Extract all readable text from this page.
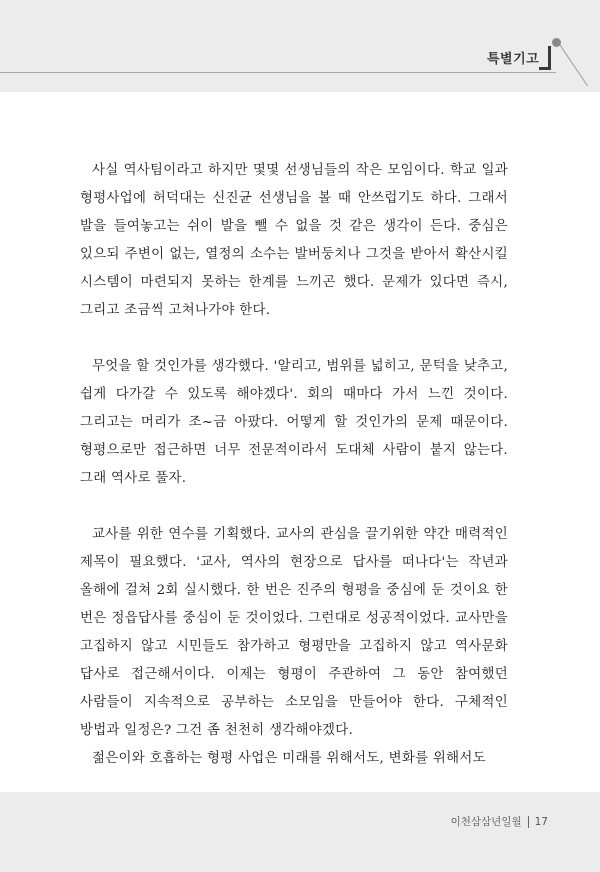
특별기고

사실 역사팀이라고 하지만 몇몇 선생님들의 작은 모임이다. 학교 일과 형평사업에 허덕대는 신진균 선생님을 볼 때 안쓰럽기도 하다. 그래서 발을 들여놓고는 쉬이 발을 뺄 수 없을 것 같은 생각이 든다. 중심은 있으되 주변이 없는, 열정의 소수는 발버둥치나 그것을 받아서 확산시킬 시스템이 마련되지 못하는 한계를 느끼곤 했다. 문제가 있다면 즉시, 그리고 조금씩 고쳐나가야 한다.

무엇을 할 것인가를 생각했다. '알리고, 범위를 넓히고, 문턱을 낮추고, 쉽게 다가갈 수 있도록 해야겠다'. 회의 때마다 가서 느낀 것이다. 그리고는 머리가 조~금 아팠다. 어떻게 할 것인가의 문제 때문이다. 형평으로만 접근하면 너무 전문적이라서 도대체 사람이 붙지 않는다. 그래 역사로 풀자.

교사를 위한 연수를 기획했다. 교사의 관심을 끌기위한 약간 매력적인 제목이 필요했다. '교사, 역사의 현장으로 답사를 떠나다'는 작년과 올해에 걸쳐 2회 실시했다. 한 번은 진주의 형평을 중심에 둔 것이요 한 번은 정읍답사를 중심이 둔 것이었다. 그런대로 성공적이었다. 교사만을 고집하지 않고 시민들도 참가하고 형평만을 고집하지 않고 역사문화 답사로 접근해서이다. 이제는 형평이 주관하여 그 동안 참여했던 사람들이 지속적으로 공부하는 소모임을 만들어야 한다. 구체적인 방법과 일정은? 그건 좀 천천히 생각해야겠다.

젊은이와 호흡하는 형평 사업은 미래를 위해서도, 변화를 위해서도

이천삼삼년일월 17
